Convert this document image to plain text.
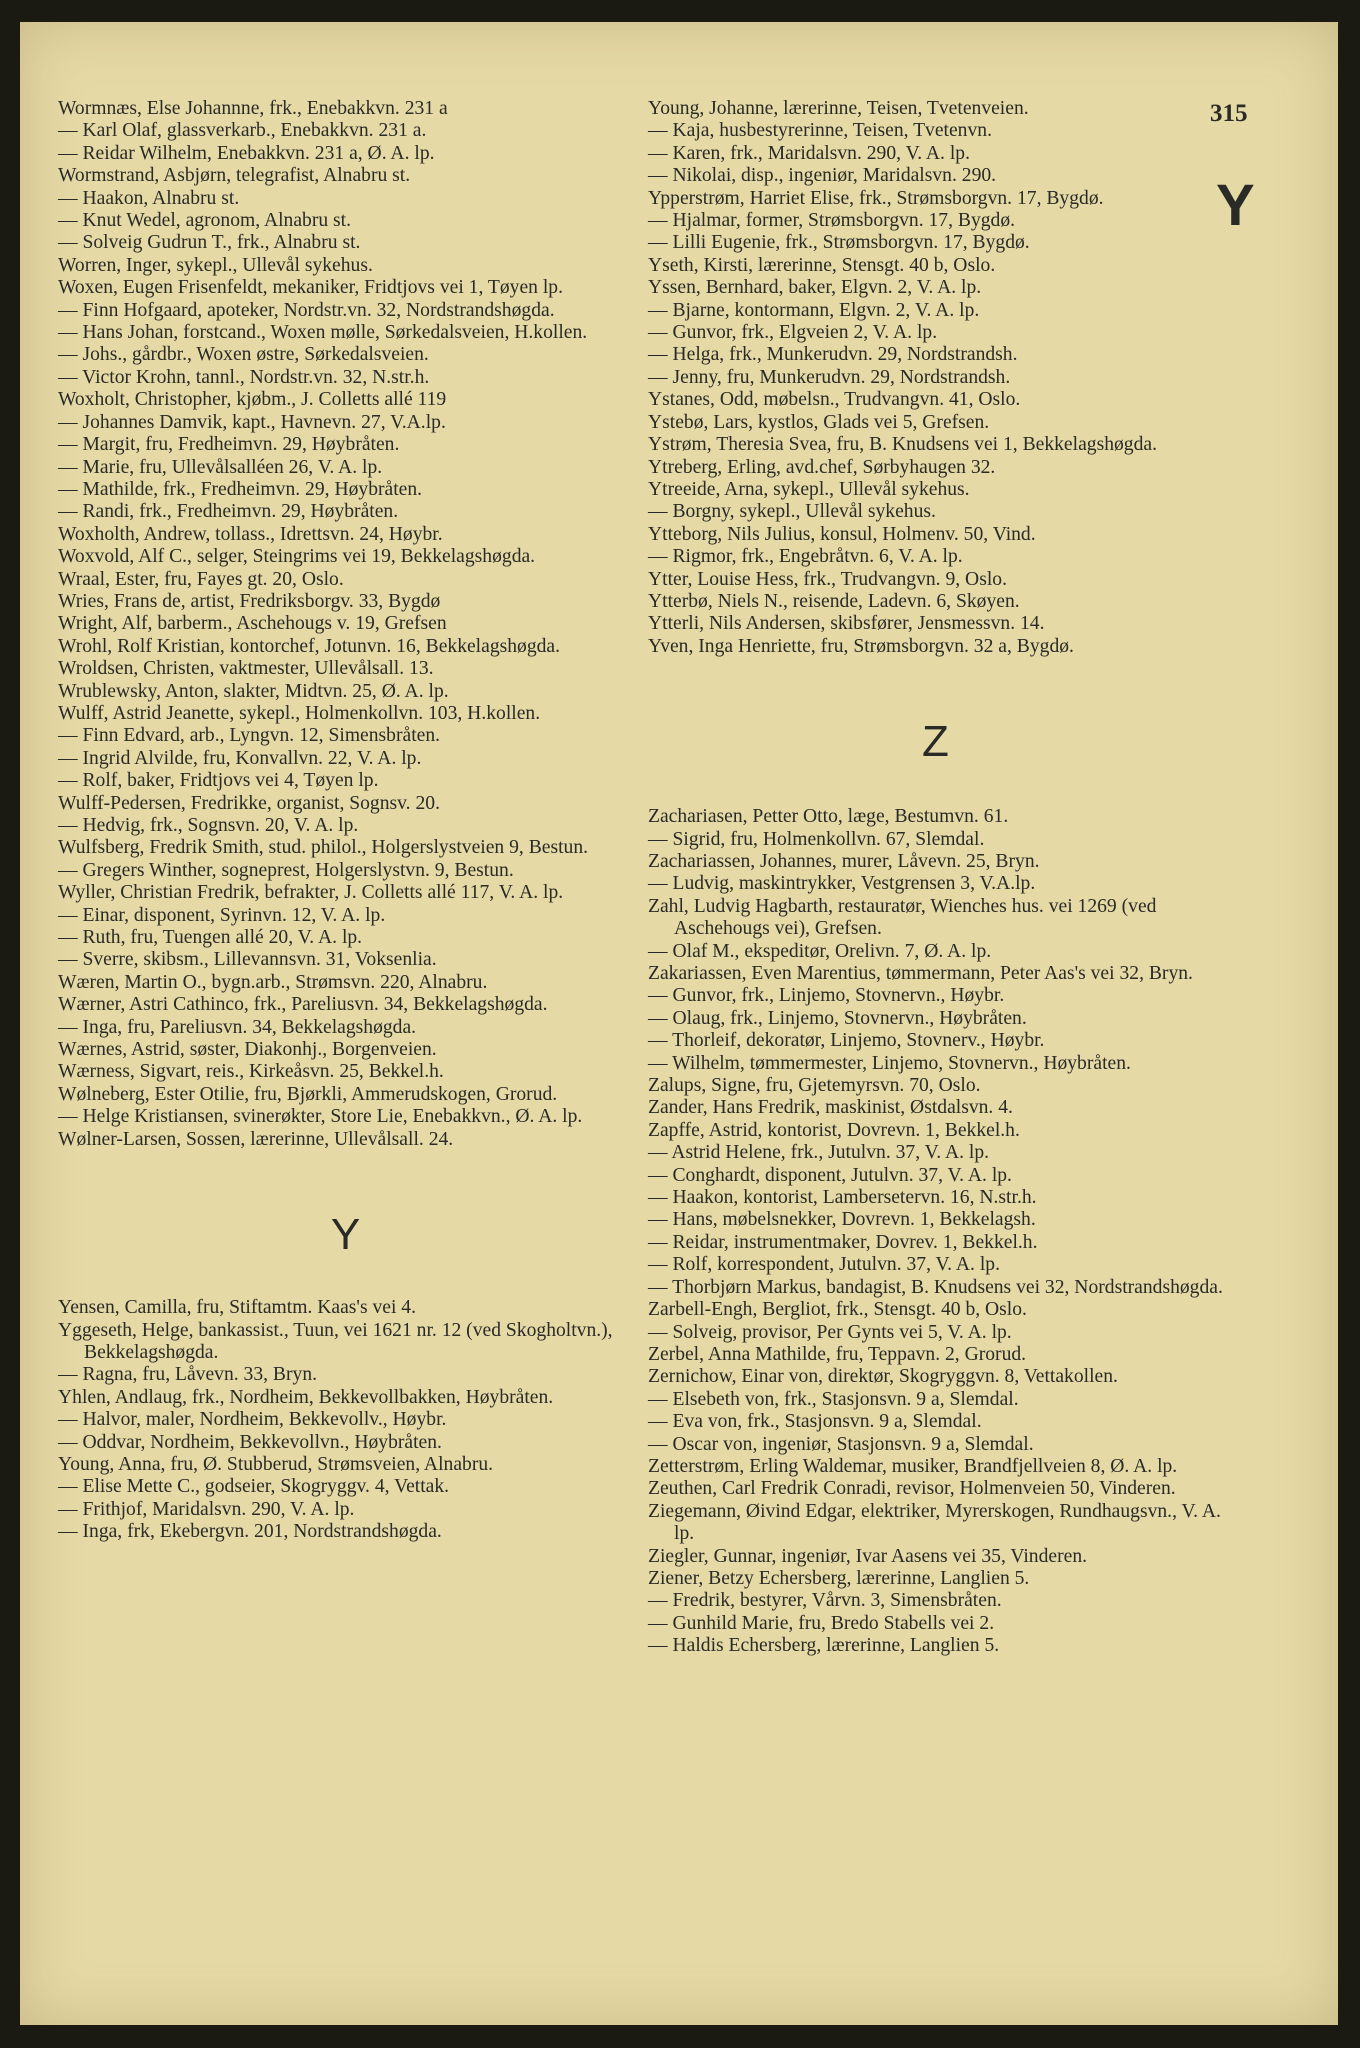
Wormnæs, Else Johannne, frk., Enebakkvn. 231 a
— Karl Olaf, glassverkarb., Enebakkvn. 231 a.
— Reidar Wilhelm, Enebakkvn. 231 a, Ø. A. lp.
Wormstrand, Asbjørn, telegrafist, Alnabru st.
— Haakon, Alnabru st.
— Knut Wedel, agronom, Alnabru st.
— Solveig Gudrun T., frk., Alnabru st.
Worren, Inger, sykepl., Ullevål sykehus.
Woxen, Eugen Frisenfeldt, mekaniker, Fridtjovs vei 1, Tøyen lp.
— Finn Hofgaard, apoteker, Nordstr.vn. 32, Nordstrandshøgda.
— Hans Johan, forstcand., Woxen mølle, Sørkedalsveien, H.kollen.
— Johs., gårdbr., Woxen østre, Sørkedalsveien.
— Victor Krohn, tannl., Nordstr.vn. 32, N.str.h.
Woxholt, Christopher, kjøbm., J. Colletts allé 119
— Johannes Damvik, kapt., Havnevn. 27, V.A.lp.
— Margit, fru, Fredheimvn. 29, Høybråten.
— Marie, fru, Ullevålsalléen 26, V. A. lp.
— Mathilde, frk., Fredheimvn. 29, Høybråten.
— Randi, frk., Fredheimvn. 29, Høybråten.
Woxholth, Andrew, tollass., Idrettsvn. 24, Høybr.
Woxvold, Alf C., selger, Steingrims vei 19, Bekkelagshøgda.
Wraal, Ester, fru, Fayes gt. 20, Oslo.
Wries, Frans de, artist, Fredriksborgv. 33, Bygdø
Wright, Alf, barberm., Aschehougs v. 19, Grefsen
Wrohl, Rolf Kristian, kontorchef, Jotunvn. 16, Bekkelagshøgda.
Wroldsen, Christen, vaktmester, Ullevålsall. 13.
Wrublewsky, Anton, slakter, Midtvn. 25, Ø. A. lp.
Wulff, Astrid Jeanette, sykepl., Holmenkollvn. 103, H.kollen.
— Finn Edvard, arb., Lyngvn. 12, Simensbråten.
— Ingrid Alvilde, fru, Konvallvn. 22, V. A. lp.
— Rolf, baker, Fridtjovs vei 4, Tøyen lp.
Wulff-Pedersen, Fredrikke, organist, Sognsv. 20.
— Hedvig, frk., Sognsvn. 20, V. A. lp.
Wulfsberg, Fredrik Smith, stud. philol., Holgerslystveien 9, Bestun.
— Gregers Winther, sogneprest, Holgerslystvn. 9, Bestun.
Wyller, Christian Fredrik, befrakter, J. Colletts allé 117, V. A. lp.
— Einar, disponent, Syrinvn. 12, V. A. lp.
— Ruth, fru, Tuengen allé 20, V. A. lp.
— Sverre, skibsm., Lillevannsvn. 31, Voksenlia.
Wæren, Martin O., bygn.arb., Strømsvn. 220, Alnabru.
Wærner, Astri Cathinco, frk., Pareliusvn. 34, Bekkelagshøgda.
— Inga, fru, Pareliusvn. 34, Bekkelagshøgda.
Wærnes, Astrid, søster, Diakonhj., Borgenveien.
Wærness, Sigvart, reis., Kirkeåsvn. 25, Bekkel.h.
Wølneberg, Ester Otilie, fru, Bjørkli, Ammerudskogen, Grorud.
— Helge Kristiansen, svinerøkter, Store Lie, Enebakkvn., Ø. A. lp.
Wølner-Larsen, Sossen, lærerinne, Ullevålsall. 24.
Y
Yensen, Camilla, fru, Stiftamtm. Kaas's vei 4.
Yggeseth, Helge, bankassist., Tuun, vei 1621 nr. 12 (ved Skogholtvn.), Bekkelagshøgda.
— Ragna, fru, Låvevn. 33, Bryn.
Yhlen, Andlaug, frk., Nordheim, Bekkevollbakken, Høybråten.
— Halvor, maler, Nordheim, Bekkevollv., Høybr.
— Oddvar, Nordheim, Bekkevollvn., Høybråten.
Young, Anna, fru, Ø. Stubberud, Strømsveien, Alnabru.
— Elise Mette C., godseier, Skogryggv. 4, Vettak.
— Frithjof, Maridalsvn. 290, V. A. lp.
— Inga, frk, Ekebergvn. 201, Nordstrandshøgda.
Young, Johanne, lærerinne, Teisen, Tvetenveien.
— Kaja, husbestyrerinne, Teisen, Tvetenvn.
— Karen, frk., Maridalsvn. 290, V. A. lp.
— Nikolai, disp., ingeniør, Maridalsvn. 290.
Ypperstrøm, Harriet Elise, frk., Strømsborgvn. 17, Bygdø.
— Hjalmar, former, Strømsborgvn. 17, Bygdø.
— Lilli Eugenie, frk., Strømsborgvn. 17, Bygdø.
Yseth, Kirsti, lærerinne, Stensgt. 40 b, Oslo.
Yssen, Bernhard, baker, Elgvn. 2, V. A. lp.
— Bjarne, kontormann, Elgvn. 2, V. A. lp.
— Gunvor, frk., Elgveien 2, V. A. lp.
— Helga, frk., Munkerudvn. 29, Nordstrandsh.
— Jenny, fru, Munkerudvn. 29, Nordstrandsh.
Ystanes, Odd, møbelsn., Trudvangvn. 41, Oslo.
Ystebø, Lars, kystlos, Glads vei 5, Grefsen.
Ystrøm, Theresia Svea, fru, B. Knudsens vei 1, Bekkelagshøgda.
Ytreberg, Erling, avd.chef, Sørbyhaugen 32.
Ytreeide, Arna, sykepl., Ullevål sykehus.
— Borgny, sykepl., Ullevål sykehus.
Ytteborg, Nils Julius, konsul, Holmenv. 50, Vind.
— Rigmor, frk., Engebråtvn. 6, V. A. lp.
Ytter, Louise Hess, frk., Trudvangvn. 9, Oslo.
Ytterbø, Niels N., reisende, Ladevn. 6, Skøyen.
Ytterli, Nils Andersen, skibsfører, Jensmessvn. 14.
Yven, Inga Henriette, fru, Strømsborgvn. 32 a, Bygdø.
Z
Zachariasen, Petter Otto, læge, Bestumvn. 61.
— Sigrid, fru, Holmenkollvn. 67, Slemdal.
Zachariassen, Johannes, murer, Låvevn. 25, Bryn.
— Ludvig, maskintrykker, Vestgrensen 3, V.A.lp.
Zahl, Ludvig Hagbarth, restauratør, Wienches hus. vei 1269 (ved Aschehougs vei), Grefsen.
— Olaf M., ekspeditør, Orelivn. 7, Ø. A. lp.
Zakariassen, Even Marentius, tømmermann, Peter Aas's vei 32, Bryn.
— Gunvor, frk., Linjemo, Stovnervn., Høybr.
— Olaug, frk., Linjemo, Stovnervn., Høybråten.
— Thorleif, dekoratør, Linjemo, Stovnerv., Høybr.
— Wilhelm, tømmermester, Linjemo, Stovnervn., Høybråten.
Zalups, Signe, fru, Gjetemyrsvn. 70, Oslo.
Zander, Hans Fredrik, maskinist, Østdalsvn. 4.
Zapffe, Astrid, kontorist, Dovrevn. 1, Bekkel.h.
— Astrid Helene, frk., Jutulvn. 37, V. A. lp.
— Conghardt, disponent, Jutulvn. 37, V. A. lp.
— Haakon, kontorist, Lambersetervn. 16, N.str.h.
— Hans, møbelsnekker, Dovrevn. 1, Bekkelagsh.
— Reidar, instrumentmaker, Dovrev. 1, Bekkel.h.
— Rolf, korrespondent, Jutulvn. 37, V. A. lp.
— Thorbjørn Markus, bandagist, B. Knudsens vei 32, Nordstrandshøgda.
Zarbell-Engh, Bergliot, frk., Stensgt. 40 b, Oslo.
— Solveig, provisor, Per Gynts vei 5, V. A. lp.
Zerbel, Anna Mathilde, fru, Teppavn. 2, Grorud.
Zernichow, Einar von, direktør, Skogryggvn. 8, Vettakollen.
— Elsebeth von, frk., Stasjonsvn. 9 a, Slemdal.
— Eva von, frk., Stasjonsvn. 9 a, Slemdal.
— Oscar von, ingeniør, Stasjonsvn. 9 a, Slemdal.
Zetterstrøm, Erling Waldemar, musiker, Brandfjellveien 8, Ø. A. lp.
Zeuthen, Carl Fredrik Conradi, revisor, Holmenveien 50, Vinderen.
Ziegemann, Øivind Edgar, elektriker, Myrerskogen, Rundhaugsvn., V. A. lp.
Ziegler, Gunnar, ingeniør, Ivar Aasens vei 35, Vinderen.
Ziener, Betzy Echersberg, lærerinne, Langlien 5.
— Fredrik, bestyrer, Vårvn. 3, Simensbråten.
— Gunhild Marie, fru, Bredo Stabells vei 2.
— Haldis Echersberg, lærerinne, Langlien 5.
315
Y
